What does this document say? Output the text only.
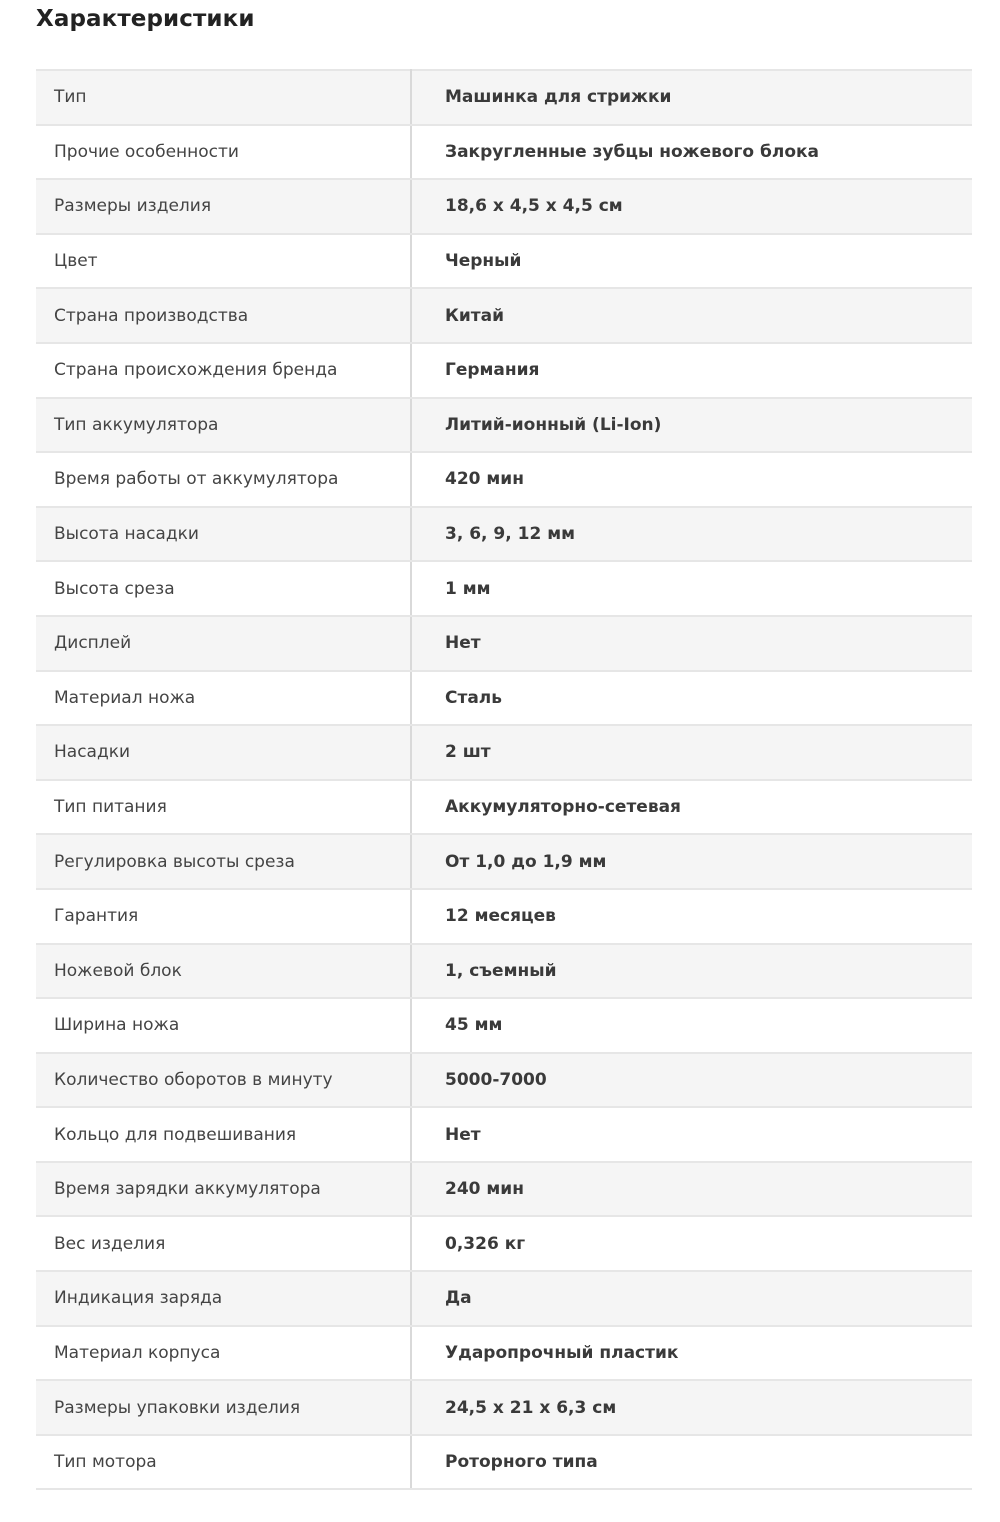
Характеристики
Тип	Машинка для стрижки
Прочие особенности	Закругленные зубцы ножевого блока
Размеры изделия	18,6 x 4,5 x 4,5 см
Цвет	Черный
Страна производства	Китай
Страна происхождения бренда	Германия
Тип аккумулятора	Литий-ионный (Li-Ion)
Время работы от аккумулятора	420 мин
Высота насадки	3, 6, 9, 12 мм
Высота среза	1 мм
Дисплей	Нет
Материал ножа	Сталь
Насадки	2 шт
Тип питания	Аккумуляторно-сетевая
Регулировка высоты среза	От 1,0 до 1,9 мм
Гарантия	12 месяцев
Ножевой блок	1, съемный
Ширина ножа	45 мм
Количество оборотов в минуту	5000-7000
Кольцо для подвешивания	Нет
Время зарядки аккумулятора	240 мин
Вес изделия	0,326 кг
Индикация заряда	Да
Материал корпуса	Ударопрочный пластик
Размеры упаковки изделия	24,5 x 21 x 6,3 см
Тип мотора	Роторного типа
